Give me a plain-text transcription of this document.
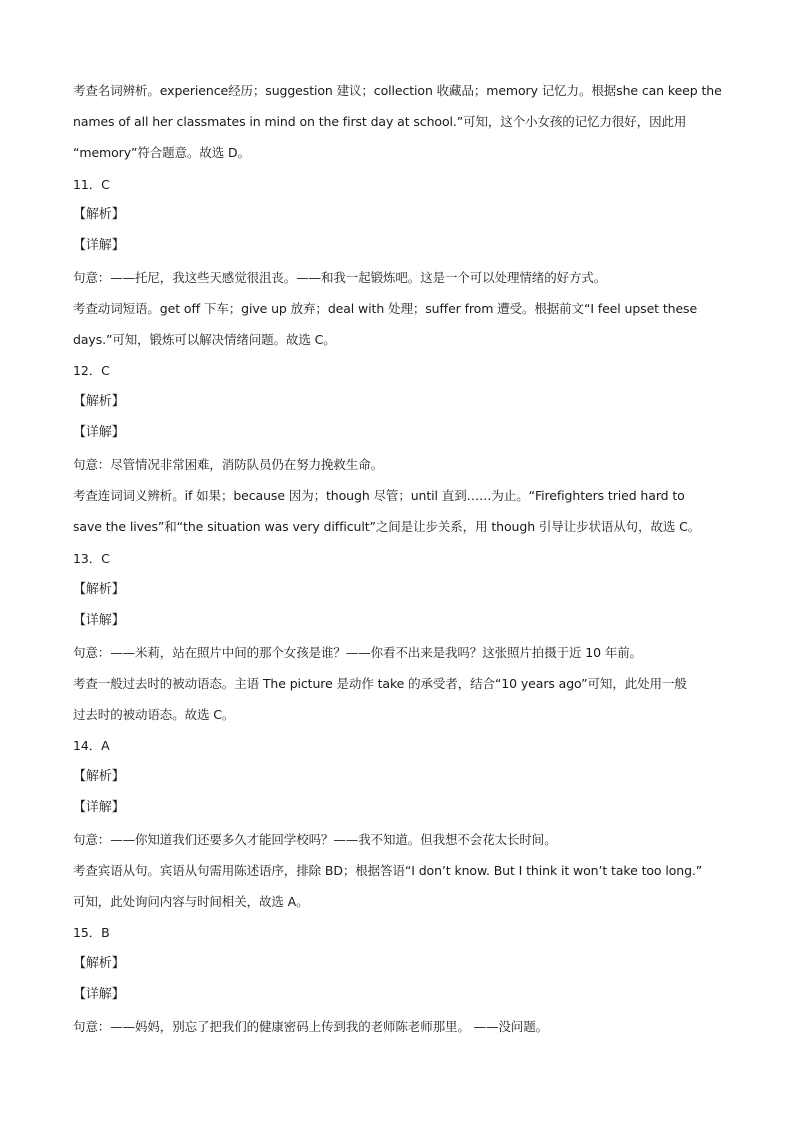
考查名词辨析。experience经历；suggestion 建议；collection 收藏品；memory 记忆力。根据she can keep the
names of all her classmates in mind on the first day at school.”可知，这个小女孩的记忆力很好，因此用
“memory”符合题意。故选 D。
11．C
【解析】
【详解】
句意：——托尼，我这些天感觉很沮丧。——和我一起锻炼吧。这是一个可以处理情绪的好方式。
考查动词短语。get off 下车；give up 放弃；deal with 处理；suffer from 遭受。根据前文“I feel upset these
days.”可知，锻炼可以解决情绪问题。故选 C。
12．C
【解析】
【详解】
句意：尽管情况非常困难，消防队员仍在努力挽救生命。
考查连词词义辨析。if 如果；because 因为；though 尽管；until 直到……为止。“Firefighters tried hard to
save the lives”和“the situation was very difficult”之间是让步关系，用 though 引导让步状语从句，故选 C。
13．C
【解析】
【详解】
句意：——米莉，站在照片中间的那个女孩是谁？——你看不出来是我吗？这张照片拍摄于近 10 年前。
考查一般过去时的被动语态。主语 The picture 是动作 take 的承受者，结合“10 years ago”可知，此处用一般
过去时的被动语态。故选 C。
14．A
【解析】
【详解】
句意：——你知道我们还要多久才能回学校吗？——我不知道。但我想不会花太长时间。
考查宾语从句。宾语从句需用陈述语序，排除 BD；根据答语“I don’t know. But I think it won’t take too long.”
可知，此处询问内容与时间相关，故选 A。
15．B
【解析】
【详解】
句意：——妈妈，别忘了把我们的健康密码上传到我的老师陈老师那里。 ——没问题。
